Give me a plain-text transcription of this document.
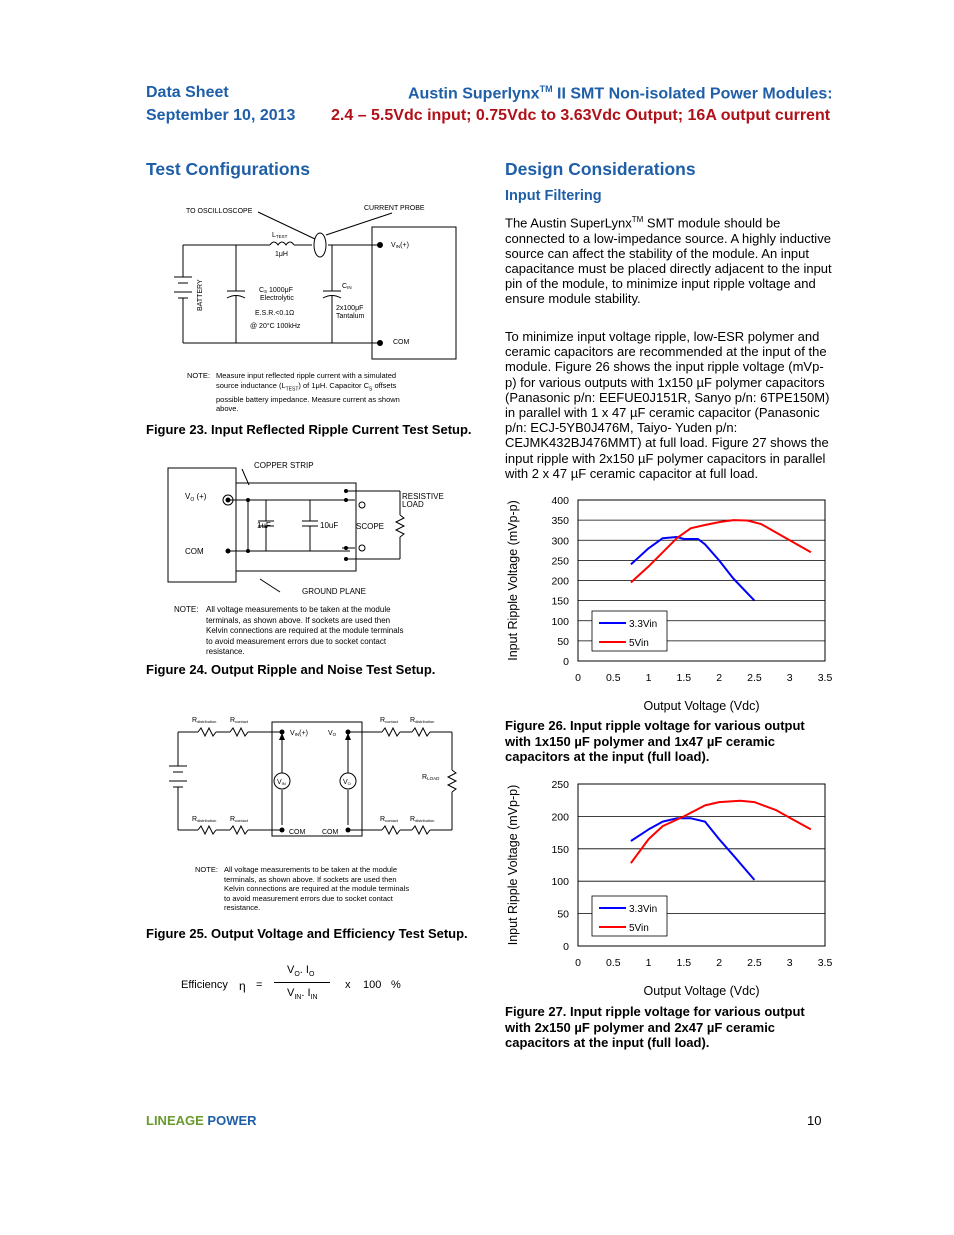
Data Sheet
September 10, 2013
Austin Superlynx™ II SMT Non-isolated Power Modules:
2.4 – 5.5Vdc input; 0.75Vdc to 3.63Vdc Output; 16A output current
Test Configurations
TO OSCILLOSCOPE	CURRENT PROBE
LTEST
1μH
BATTERY	CS 1000μF
Electrolytic
E.S.R.<0.1Ω
@ 20°C 100kHz
CIN
2x100μF
Tantalum
VIN(+)
COM
NOTE: Measure input reflected ripple current with a simulated
source inductance $(L_{TEST})$ of 1μH. Capacitor $C_S$ offsets
possible battery impedance. Measure current as shown
above.
Figure 23. Input Reflected Ripple Current Test Setup.
COPPER STRIP
$V_O$ (+)
COM
1uF	10uF SCOPE
RESISTIVE
LOAD
GROUND PLANE
NOTE: All voltage measurements to be taken at the module
terminals, as shown above. If sockets are used then
Kelvin connections are required at the module terminals
to avoid measurement errors due to socket contact
resistance.
Figure 24. Output Ripple and Noise Test Setup.
Rdistribution Rcontact
Rdistribution Rcontact
Rcontact Rdistribution
Rcontact Rdistribution
VIN(+)	VO
VIN	VO
COM COM
RLOAD
NOTE: All voltage measurements to be taken at the module
terminals, as shown above. If sockets are used then
Kelvin connections are required at the module terminals
to avoid measurement errors due to socket contact
resistance.
Figure 25. Output Voltage and Efficiency Test Setup.
Efficiency η =
$V_O$. $I_O$
$V_{IN}$. $I_{IN}$
x 100 %
Design Considerations
Input Filtering
The Austin SuperLynx™ SMT module should be
connected to a low-impedance source. A highly inductive
source can affect the stability of the module. An input
capacitance must be placed directly adjacent to the input
pin of the module, to minimize input ripple voltage and
ensure module stability.
To minimize input voltage ripple, low-ESR polymer and
ceramic capacitors are recommended at the input of the
module. Figure 26 shows the input ripple voltage (mVp-
p) for various outputs with 1x150 µF polymer capacitors
(Panasonic p/n: EEFUE0J151R, Sanyo p/n: 6TPE150M)
in parallel with 1 x 47 µF ceramic capacitor (Panasonic
p/n: ECJ-5YB0J476M, Taiyo- Yuden p/n:
CEJMK432BJ476MMT) at full load. Figure 27 shows the
input ripple with 2x150 µF polymer capacitors in parallel
with 2 x 47 µF ceramic capacitor at full load.
0
50
100
150
200
250
300
350
400
0 0.5 1 1.5 2 2.5 3 3.5
Output Voltage (Vdc)
Input Ripple Voltage (mVp-p)	3.3Vin
5Vin
Figure 26. Input ripple voltage for various output
with 1x150 µF polymer and 1x47 µF ceramic
capacitors at the input (full load).
0
50
100
150
200
250
0 0.5 1 1.5 2 2.5 3 3.5
Output Voltage (Vdc)
Input Ripple Voltage (mVp-p)	3.3Vin
5Vin
Figure 27. Input ripple voltage for various output
with 2x150 µF polymer and 2x47 µF ceramic
capacitors at the input (full load).
LINEAGE POWER	10
